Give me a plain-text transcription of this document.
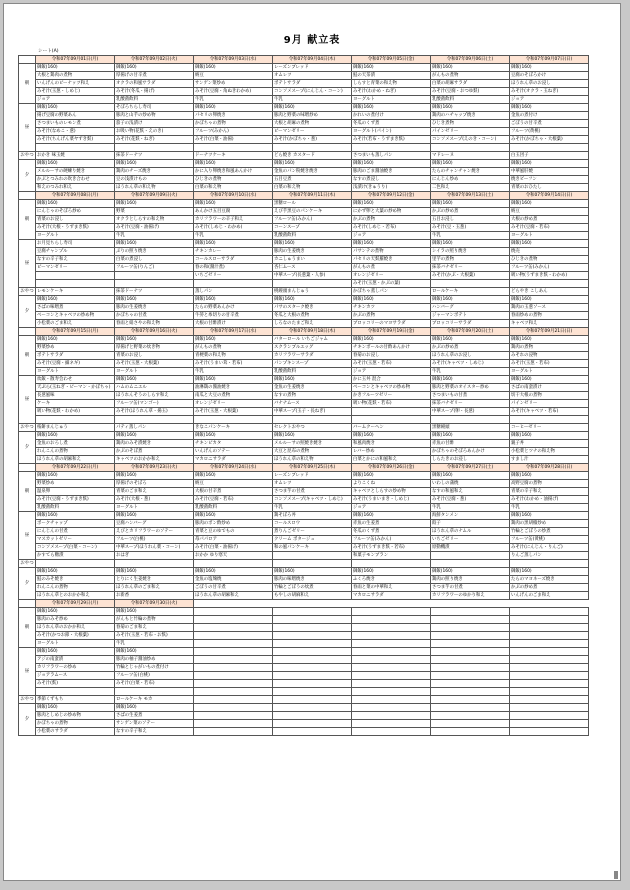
9月 献立表
シート(A)
	令和07年09月01日(月)	令和07年09月02日(火)	令和07年09月03日(水)	令和07年09月04日(木)	令和07年09月05日(金)	令和07年09月06日(土)	令和07年09月07日(日)
朝	御飯(160)	御飯(160)	御飯(160)	レーズンブレッド	御飯(160)	御飯(160)	御飯(160)
	大根と鶏肉の煮物	厚揚げの甘辛煮	納豆	オムレツ	鮭の天茶漬	がんもの煮物	豆腐のそぼろかけ
	いんげんのピーナッツ和え	オクラの和風サラダ	サンゲン菜炒め	ポテトサラダ	しらすと青菜の和え物	白菜の胡麻サラダ	ほうれん草のお浸し
	みそ汁(玉葱・しめじ)	みそ汁(冬瓜・揚げ)	みそ汁(豆腐・角ぬきわかめ)	コンソメスープ(にんじん・コーン)	みそ汁(わかめ・ねぎ)	みそ汁(豆腐・おつゆ麩)	みそ汁(オクラ・玉ねぎ)
	ジョア	乳酸菌飲料	牛乳	牛乳	ヨーグルト	乳酸菌飲料	ジョア
昼	御飯(160)	そぼろちらし寿司	御飯(160)	御飯(160)	御飯(160)	御飯(160)	御飯(160)
	揚げ豆腐の野菜あん	豚肉と山芋の炒め物	パセリの卵焼き	豚肉と野菜の味噌炒め	かれいの煮付け	鶏肉のハチャップ焼き	金魚の煮付け
	さつまいものレモン煮	茄子の浅漬け	かぼちゃの煮物	大根と胡麻の煮物	冬瓜のくず煮	ひじき煮物	ごぼうの甘辛煮
	みそ汁(なめこ・葱)	お吸い物(花麩・えのき)	フルーツ(みかん)	ピーマンゼリー	ヨーグルト(パイン)	パインゼリー	フルーツ(黄桃)
	みそ汁(ちんげん菜ヤずき麩)	みそ汁(花麩・ねぎ)	みそ汁(白菜・油揚)	みそ汁(かぼちゃ・葱)	みそ汁(若布・うずまき麩)	コンソメスープ(えのき・コーン)	みそ汁(かぼちゃ・大根葉)

おやつ	おかき 味玉焼	抹茶ドーナツ	ドーナツケーキ	どら焼き カスタード	さつまいも蒸しパン	マドレーヌ	白玉団子
夕	御飯(160)	御飯(160)	御飯(160)	御飯(160)	御飯(160)	御飯(160)	御飯(160)
	メルルーサの硬練り焼き	鶏肉のチーズ焼き	かに入り卵焼き和風あんかけ	金魚のパン粉焼き焼き	豚肉のごま醤油焼き	たらのチャンチャン焼き	中華風肝焼
	かぶとつみれの吹き合わせ	豆の浅漬けもの	ひじきの煮物	五目豆煮	なすの煮浸し	にんじん炒め	焼きビーフン
	和えのつみれ和え	ほうれん草の和え物	白菜の和え物	白菜の和え物	浅漬け(きゅうり)	二色和え	青菜のおひたし
	令和07年09月08日(月)	令和07年09月09日(火)	令和07年09月10日(水)	令和07年09月11日(木)	令和07年09月12日(金)	令和07年09月13日(土)	令和07年09月14日(日)
朝	御飯(160)	御飯(160)	御飯(160)	黒糖ロール	御飯(160)	御飯(160)	御飯(160)
	にんじゃのそぼろ炒め	野菜	あんかけ五目豆腐	えび芋黒豆のパンケーキ	にかず卵と大葉の炒め物	かぶの炒め煮	納豆
	青菜のお浸し	オクラとしらすの和え物	カリフラワーの辛子和え	フルーツ缶(みかん)	かぶの煮物	五目お浸し	大根の炒め煮
	みそ汁(大根・うずまき麩)	みそ汁(豆腐・油揚げ)	みそ汁(しめじ・わかめ)	コーンスープ	みそ汁(しめじ・若布)	みそ汁(豆・玉葱)	みそ汁(豆腐・若布)
	ヨーグルト	牛乳	牛乳	乳酸菌飲料	ジョア	牛乳	ヨーグルト
昼	お月見ちらし寿司	御飯(160)	御飯(160)	御飯(160)	御飯(160)	御飯(160)	御飯(160)
	豆腐チャンプル	ぶりの照り焼き	チキンカレー	豚肉の生姜焼き	パサンテの煮物	シイラの照り焼き	焼売
	なすの辛子和え	白菜の煮浸し	コールスローサラダ	カニしゅうまい	パセリの天麩羅焼き	里芋の煮物	ひじきの煮物
	ピーマンゼリー	フルーツ缶(りんご)	春の和(醤汁煮)	杏仁ムース	がんもの煮	抹茶バナゼリー	フルーツ缶(みかん)
			いちごゼリー	中華スープ(長葱葉・人参)	オレンジゼリー	みそ汁(かぶ・大根葉)	吸い物(うずまき麩・わかめ)
					みそ汁(玉葱・かぶの葉)		
おやつ	レモンケーキ	抹茶ドーナツ	蒸しパン	桃饅頭まんじゅう	かぼちゃ蒸しパン	ロールケーキ	どらやき こしあん
夕	御飯(160)	御飯(160)	御飯(160)	御飯(160)	御飯(160)	御飯(160)	御飯(160)
	さばの味噌煮	豚肉の生姜焼き	たらの野菜あんかけ	パサのスターク焼き	チキンカツ	ハンバーグ	鶏肉の玉葱ソース
	ベーコンとキャベツの炒め物	かぼちゃの甘煮	牛蒡と糸切りの甘辛煮	冬瓜と大根の煮物	かぶの煮物	ジャーマンポテト	春雨炒めの煮物
	小松菜のごま和え	春雨と絹さやの和え物	大根の甘酢漬け	しろなのたまご和え	ブロッコリーのマヨサラダ	ブロッコリーサラダ	キャベツ和え
	令和07年09月15日(月)	令和07年09月16日(火)	令和07年09月17日(水)	令和07年09月18日(木)	令和07年09月19日(金)	令和07年09月20日(土)	令和07年09月21日(日)
朝	御飯(160)	御飯(160)	御飯(160)	バターロール いちごジャム	御飯(160)	御飯(160)	御飯(160)
	野菜炒め	厚揚げと野菜の炊き物	がんもの煮物	スクランブルエッグ	チキンボールの甘酢あんかけ	かぶの炒め煮	鶏肉の煮物
	ポテトサラダ	青菜のお浸し	青梗菜の和え物	カリフラワーサラダ	春菊のお浸し	ほうれん草のお浸し	みそれの浸物
	みそ汁(豆腐・細ネギ)	みそ汁(玉葱・大根葉)	みそ汁(うまい茸・若布)	パンプキンスープ	みそ汁(玉葱・若布)	みそ汁(キャベツ・しめじ)	みそ汁(玉葱・若布)
	ヨーグルト	ヨーグルト	牛乳	乳酸菌飲料	ジョア	牛乳	ヨーグルト
昼	炊飯・散寿会わせ	御飯(160)	御飯(160)	御飯(160)	かに玉丼 混合	御飯(160)	御飯(160)
	天ぷら(玉ねぎ・ピーマン・かぼちゃ)	ハムのムニエル	油淋鶏の醤油焼き	金魚の生姜焼き	ベーコンとキャベツの炒め物	豚肉と野菜のオイスター炒め	さばの南蛮漬け
	長葱風味	ほうれんそうのしらす和え	南瓜と大豆の煮物	なすの煮物	かきフルーツゼリー	さつまいもの甘煮	切干大根の煮物
	ケーキ	フルーツ缶(マンゴー)	オレンジゼリー	バナナムース	吸い物(花麩・若布)	抹茶バナゼリー	パインゼリー
	吸い物(花麩・わかめ)	みそ汁(ほうれん草・揚玉)	みそ汁(玉葱・大根葉)	中華スープ(玉子・長ねぎ)		中華スープ(卵・長葱)	みそ汁(キャベツ・若布)

おやつ	桜餅まんじゅう	パティ蒸しパン	きなこパンケーキ	セレクトおやつ	バームクーヘン	黒糖饅頭	コーヒーゼリー
夕	御飯(160)	御飯(160)	御飯(160)	御飯(160)	御飯(160)	御飯(160)	御飯(160)
	金魚のおろし煮	鶏肉のみそ漬焼き	チキンピカタ	メルルーサの照焼き焼き	和風肉焼き	赤魚の甘酢	親子丼
	れんこんの煮物	かぶのそぼ煮	いんげんのソテー	大豆と昆布の煮物	レバー炒め	かぼちゃのそぼろあんかけ	小松菜とツナの和え物
	ほうれん草の胡麻和え	キャベツのおかか和え	マカロニサラダ	ほうれん草の和え物	白菜とかにの和風和え	しらたきのお浸し	すまし汁
	令和07年09月22日(月)	令和07年09月23日(火)	令和07年09月24日(水)	令和07年09月25日(木)	令和07年09月26日(金)	令和07年09月27日(土)	令和07年09月28日(日)
朝	御飯(160)	御飯(160)	御飯(160)	レーズンブレッド	御飯(160)	御飯(160)	御飯(160)
	野菜炒め	厚揚げのそぼろ	納豆	オムレツ	よりこくね	いわしの蒲焼	高野豆腐の煮物
	温泉卵	青菜のごま和え	大根の甘辛煮	さつま芋の甘煮	キャベツとしらすの炒め物	なすの和風和え	青菜の辛子和え
	みそ汁(豆腐・うずまき麩)	みそ汁(大根・葱)	みそ汁(豆腐・若布)	コンソメスープ(キャベツ・しめじ)	みそ汁(うまいまき・しめじ)	みそ汁(豆腐・葱)	みそ汁(わかめ・油揚げ)
	乳酸菌飲料	ヨーグルト	乳酸菌飲料	牛乳	ジョア	牛乳	牛乳
昼	御飯(160)	御飯(160)	御飯(160)	鶏そぼろ丼	御飯(160)	海鮮タンメン	御飯(160)
	ポークチャップ	豆腐ハンバーグ	豚肉のポン酢炒め	コールスロウ	赤魚の生姜煮	餃子	鶏肉の黒胡椒炒め
	にんじんの甘煮	えびとカリフラワーのソテー	青菜と豆のゆでもの	煮りんごゼリー	冬瓜のくず煮	ほうれん草のナムル	竹輪とごぼうの炒煮
	マスカットゼリー	フルーツ(白桃)	苺パパロア	クリーム ポタージュ	フルーツ缶(みかん)	いちごゼリー	フルーツ缶(黄桃)
	コンソメスープ(白菜・コーン)	中華スープ(ほうれん菜・コーン)	みそ汁(白菜・油揚げ)	和の風パンケーキ	みそ汁(うずまき麩・若布)	原動機漬	みそ汁(にんじん・りんご)
	かすてら糖漬	おはぎ	おかか ゆり寒天		和菓子モンブラン		りんご蒸しパン
おやつ							
夕	御飯(160)	御飯(160)	御飯(160)	御飯(160)	御飯(160)	御飯(160)	御飯(160)
	鮭のみそ焼き	とりにく生姜焼き	金魚の塩麹焼	豚肉の味噌焼き	ふくろ焼き	鶏肉の照り焼き	たらのマヨネーズ焼き
	れんこんの煮物	ほうれん草のごま和え	ごぼうの甘辛煮	竹輪とごぼうの炊煮	春雨と菜の中華和え	さつま芋の甘煮	かぶの炒め煮
	ほうれん草とのおかか和え	お新香	ほうれん草の胡麻和え	もやしの胡麻和え	マカロニサラダ	カリフラワーのゆかり和え	いんげんのごま和え
	令和07年09月29日(月)	令和07年09月30日(火)					
朝	御飯(160)	御飯(160)					
	豚肉のみそ炒め	がんもと竹輪の煮物					
	ほうれん草のおかか和え	春菊のごま和え					
	みそ汁(かつお節・大根葉)	みそ汁(玉葱・若布・お麩)					
	ヨーグルト	牛乳					
昼	御飯(160)	御飯(160)					
	アジの南蛮漬	豚肉の柚子醤油炒め					
	カリフラワーの炒め	竹輪とじゃがいもの煮付け					
	ジョアラムース	フルーツ缶(白桃)					
	みそ汁(麩)	みそ汁(白菜・若布)					

おやつ	季節くずもち	ロールケーキ モカ					
夕	御飯(160)	御飯(160)					
	豚肉としめじの炒め物	さばの生姜煮					
	かぼちゃの煮物	サンゲン菜のソテー					
	小松菜のサラダ	なすの辛子和え					
